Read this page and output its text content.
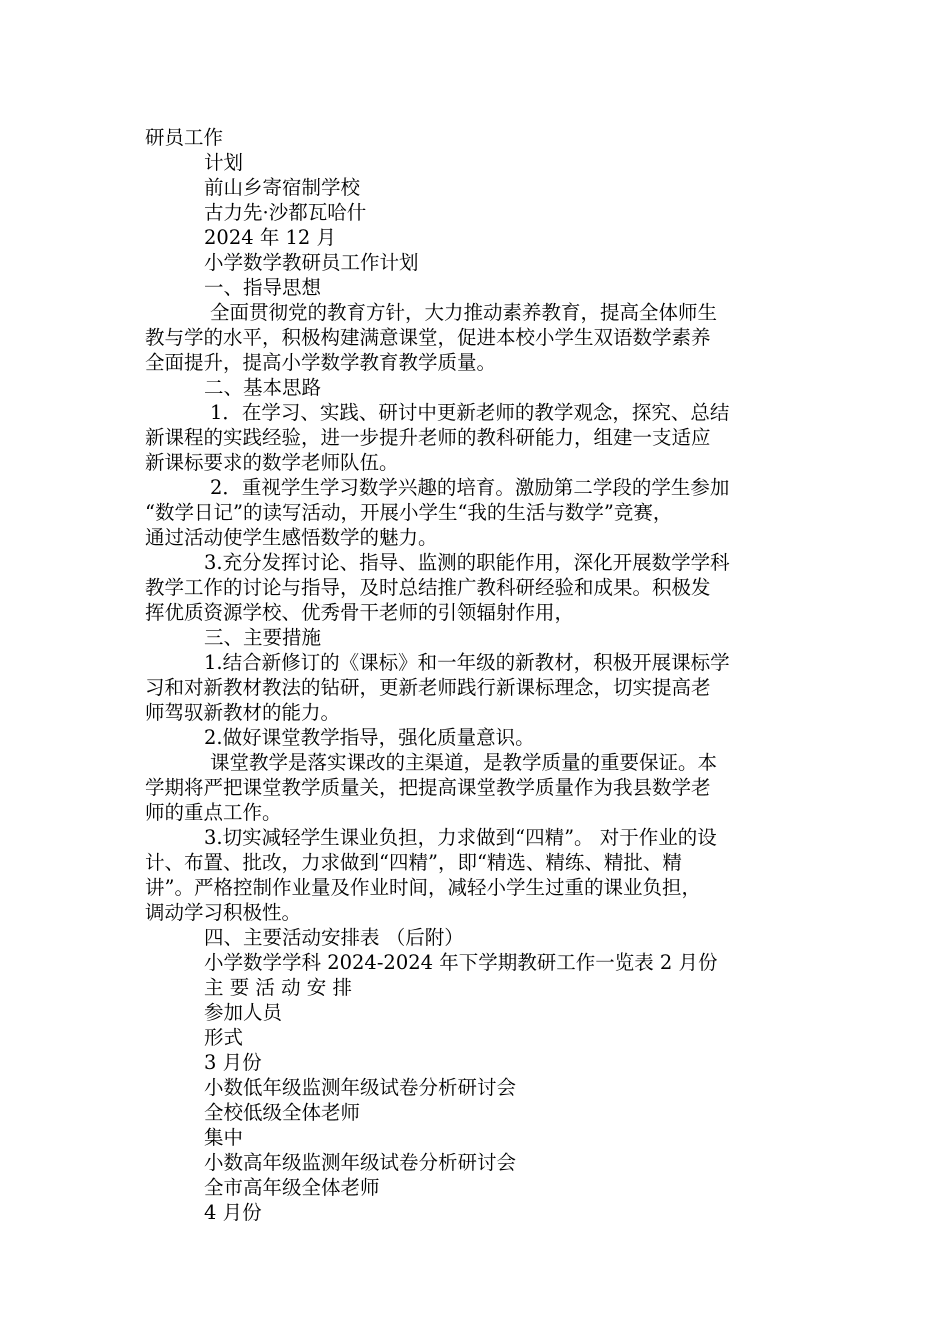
研员工作
计划
前山乡寄宿制学校
古力先·沙都瓦哈什
2024 年 12 月
小学数学教研员工作计划
一、指导思想
全面贯彻党的教育方针，大力推动素养教育，提高全体师生
教与学的水平，积极构建满意课堂，促进本校小学生双语数学素养
全面提升，提高小学数学教育教学质量。
二、基本思路
1．在学习、实践、研讨中更新老师的教学观念，探究、总结
新课程的实践经验，进一步提升老师的教科研能力，组建一支适应
新课标要求的数学老师队伍。
2．重视学生学习数学兴趣的培育。激励第二学段的学生参加
“数学日记”的读写活动，开展小学生“我的生活与数学”竞赛，
通过活动使学生感悟数学的魅力。
3.充分发挥讨论、指导、监测的职能作用，深化开展数学学科
教学工作的讨论与指导，及时总结推广教科研经验和成果。积极发
挥优质资源学校、优秀骨干老师的引领辐射作用，
三、主要措施
1.结合新修订的《课标》和一年级的新教材，积极开展课标学
习和对新教材教法的钻研，更新老师践行新课标理念，切实提高老
师驾驭新教材的能力。
2.做好课堂教学指导，强化质量意识。
课堂教学是落实课改的主渠道，是教学质量的重要保证。本
学期将严把课堂教学质量关，把提高课堂教学质量作为我县数学老
师的重点工作。
3.切实减轻学生课业负担，力求做到“四精”。 对于作业的设
计、布置、批改，力求做到“四精”，即“精选、精练、精批、精
讲”。严格控制作业量及作业时间，减轻小学生过重的课业负担，
调动学习积极性。
四、主要活动安排表 （后附）
小学数学学科 2024-2024 年下学期教研工作一览表 2 月份
主 要 活 动 安 排
参加人员
形式
3 月份
小数低年级监测年级试卷分析研讨会
全校低级全体老师
集中
小数高年级监测年级试卷分析研讨会
全市高年级全体老师
4 月份
